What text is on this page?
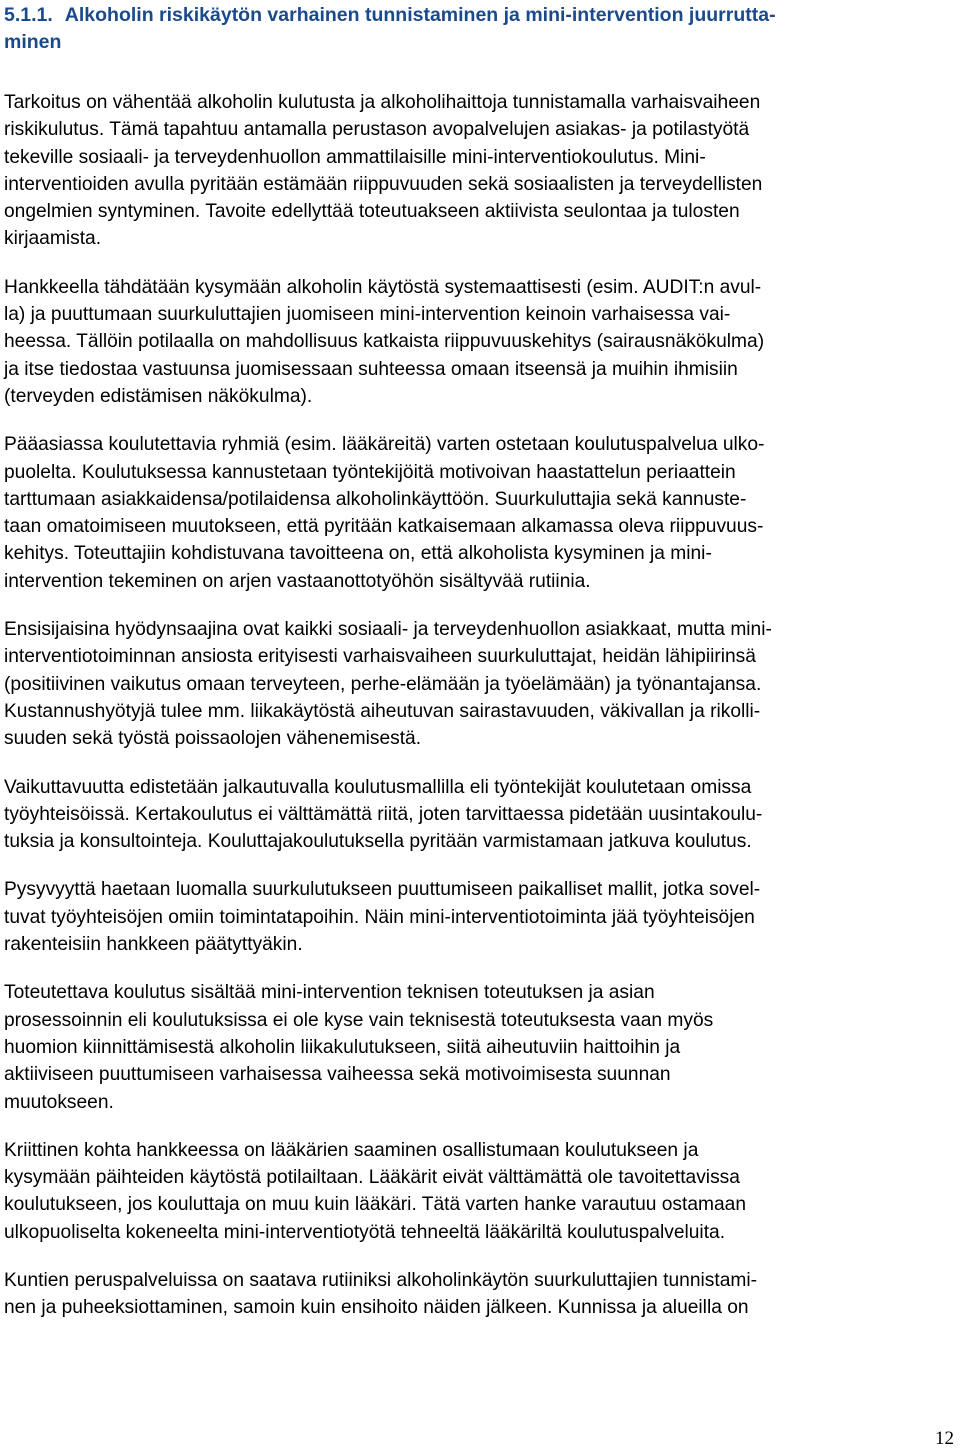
5.1.1. Alkoholin riskikäytön varhainen tunnistaminen ja mini-intervention juurrutta-
minen

Tarkoitus on vähentää alkoholin kulutusta ja alkoholihaittoja tunnistamalla varhaisvaiheen
riskikulutus. Tämä tapahtuu antamalla perustason avopalvelujen asiakas- ja potilastyötä
tekeville sosiaali- ja terveydenhuollon ammattilaisille mini-interventiokoulutus. Mini-
interventioiden avulla pyritään estämään riippuvuuden sekä sosiaalisten ja terveydellisten
ongelmien syntyminen. Tavoite edellyttää toteutuakseen aktiivista seulontaa ja tulosten
kirjaamista.

Hankkeella tähdätään kysymään alkoholin käytöstä systemaattisesti (esim. AUDIT:n avul-
la) ja puuttumaan suurkuluttajien juomiseen mini-intervention keinoin varhaisessa vai-
heessa. Tällöin potilaalla on mahdollisuus katkaista riippuvuuskehitys (sairausnäkökulma)
ja itse tiedostaa vastuunsa juomisessaan suhteessa omaan itseensä ja muihin ihmisiin
(terveyden edistämisen näkökulma).

Pääasiassa koulutettavia ryhmiä (esim. lääkäreitä) varten ostetaan koulutuspalvelua ulko-
puolelta. Koulutuksessa kannustetaan työntekijöitä motivoivan haastattelun periaattein
tarttumaan asiakkaidensa/potilaidensa alkoholinkäyttöön. Suurkuluttajia sekä kannuste-
taan omatoimiseen muutokseen, että pyritään katkaisemaan alkamassa oleva riippuvuus-
kehitys. Toteuttajiin kohdistuvana tavoitteena on, että alkoholista kysyminen ja mini-
intervention tekeminen on arjen vastaanottotyöhön sisältyvää rutiinia.

Ensisijaisina hyödynsaajina ovat kaikki sosiaali- ja terveydenhuollon asiakkaat, mutta mini-
interventiotoiminnan ansiosta erityisesti varhaisvaiheen suurkuluttajat, heidän lähipiirinsä
(positiivinen vaikutus omaan terveyteen, perhe-elämään ja työelämään) ja työnantajansa.
Kustannushyötyjä tulee mm. liikakäytöstä aiheutuvan sairastavuuden, väkivallan ja rikolli-
suuden sekä työstä poissaolojen vähenemisestä.

Vaikuttavuutta edistetään jalkautuvalla koulutusmallilla eli työntekijät koulutetaan omissa
työyhteisöissä. Kertakoulutus ei välttämättä riitä, joten tarvittaessa pidetään uusintakoulu-
tuksia ja konsultointeja. Kouluttajakoulutuksella pyritään varmistamaan jatkuva koulutus.

Pysyvyyttä haetaan luomalla suurkulutukseen puuttumiseen paikalliset mallit, jotka sovel-
tuvat työyhteisöjen omiin toimintatapoihin. Näin mini-interventiotoiminta jää työyhteisöjen
rakenteisiin hankkeen päätyttyäkin.

Toteutettava koulutus sisältää mini-intervention teknisen toteutuksen ja asian
prosessoinnin eli koulutuksissa ei ole kyse vain teknisestä toteutuksesta vaan myös
huomion kiinnittämisestä alkoholin liikakulutukseen, siitä aiheutuviin haittoihin ja
aktiiviseen puuttumiseen varhaisessa vaiheessa sekä motivoimisesta suunnan
muutokseen.

Kriittinen kohta hankkeessa on lääkärien saaminen osallistumaan koulutukseen ja
kysymään päihteiden käytöstä potilailtaan. Lääkärit eivät välttämättä ole tavoitettavissa
koulutukseen, jos kouluttaja on muu kuin lääkäri. Tätä varten hanke varautuu ostamaan
ulkopuoliselta kokeneelta mini-interventiotyötä tehneeltä lääkäriltä koulutuspalveluita.

Kuntien peruspalveluissa on saatava rutiiniksi alkoholinkäytön suurkuluttajien tunnistami-
nen ja puheeksiottaminen, samoin kuin ensihoito näiden jälkeen. Kunnissa ja alueilla on

12
